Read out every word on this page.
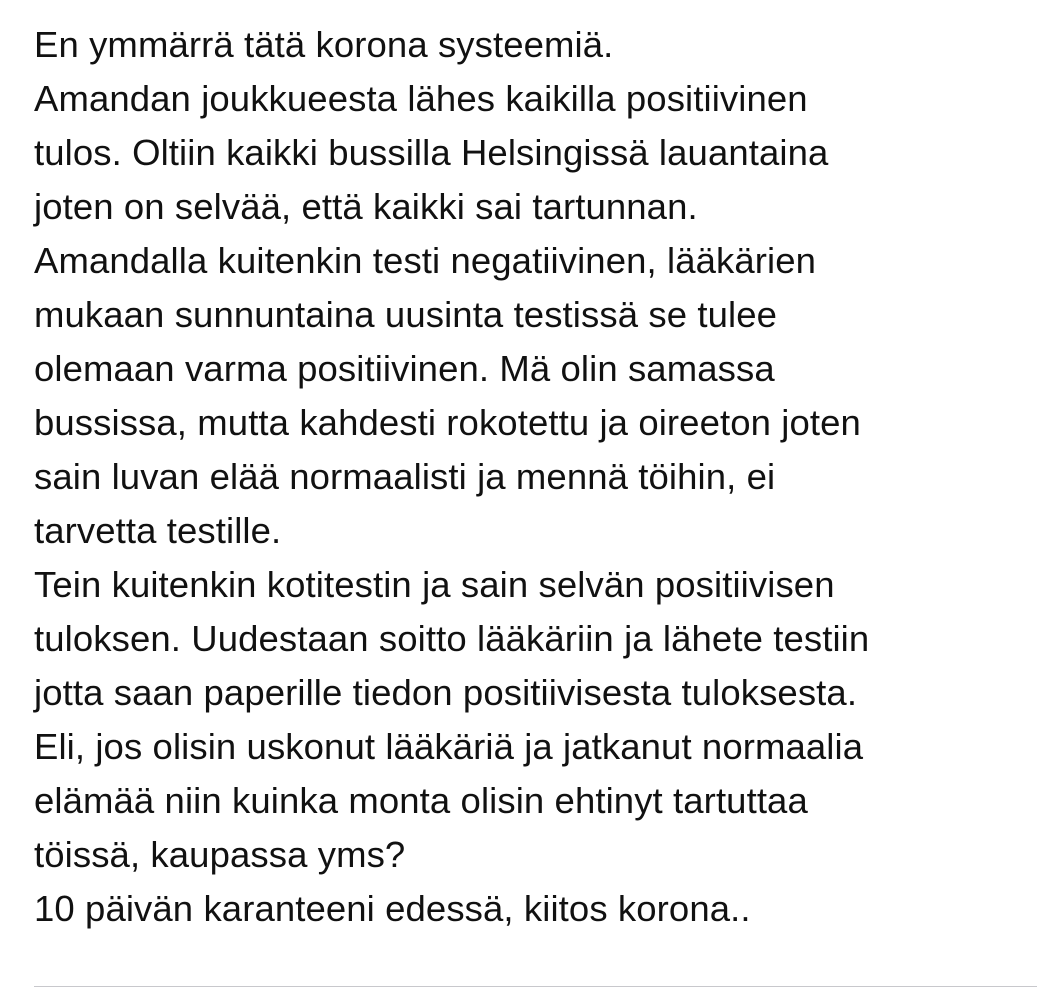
En ymmärrä tätä korona systeemiä.
Amandan joukkueesta lähes kaikilla positiivinen
tulos. Oltiin kaikki bussilla Helsingissä lauantaina
joten on selvää, että kaikki sai tartunnan.
Amandalla kuitenkin testi negatiivinen, lääkärien
mukaan sunnuntaina uusinta testissä se tulee
olemaan varma positiivinen. Mä olin samassa
bussissa, mutta kahdesti rokotettu ja oireeton joten
sain luvan elää normaalisti ja mennä töihin, ei
tarvetta testille.
Tein kuitenkin kotitestin ja sain selvän positiivisen
tuloksen. Uudestaan soitto lääkäriin ja lähete testiin
jotta saan paperille tiedon positiivisesta tuloksesta.
Eli, jos olisin uskonut lääkäriä ja jatkanut normaalia
elämää niin kuinka monta olisin ehtinyt tartuttaa
töissä, kaupassa yms?
10 päivän karanteeni edessä, kiitos korona..
